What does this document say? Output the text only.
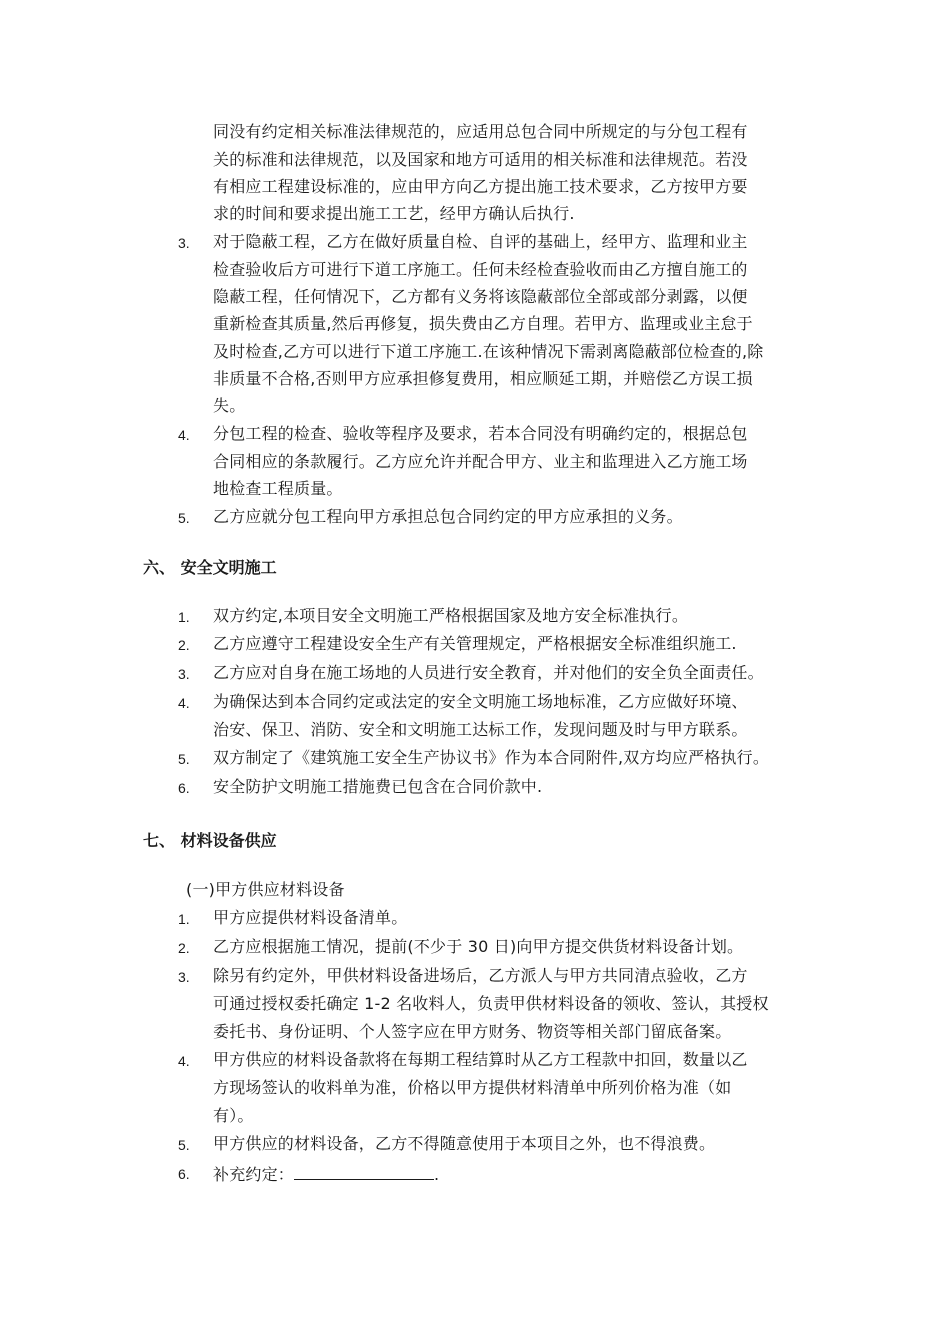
同没有约定相关标准法律规范的，应适用总包合同中所规定的与分包工程有
关的标准和法律规范，以及国家和地方可适用的相关标准和法律规范。若没
有相应工程建设标准的，应由甲方向乙方提出施工技术要求，乙方按甲方要
求的时间和要求提出施工工艺，经甲方确认后执行.
3.	对于隐蔽工程，乙方在做好质量自检、自评的基础上，经甲方、监理和业主
检查验收后方可进行下道工序施工。任何未经检查验收而由乙方擅自施工的
隐蔽工程，任何情况下，乙方都有义务将该隐蔽部位全部或部分剥露，以便
重新检查其质量,然后再修复，损失费由乙方自理。若甲方、监理或业主怠于
及时检查,乙方可以进行下道工序施工.在该种情况下需剥离隐蔽部位检查的,除
非质量不合格,否则甲方应承担修复费用，相应顺延工期，并赔偿乙方误工损
失。
4.	分包工程的检查、验收等程序及要求，若本合同没有明确约定的，根据总包
合同相应的条款履行。乙方应允许并配合甲方、业主和监理进入乙方施工场
地检查工程质量。
5.	乙方应就分包工程向甲方承担总包合同约定的甲方应承担的义务。
六、 安全文明施工
1.	双方约定,本项目安全文明施工严格根据国家及地方安全标准执行。
2.	乙方应遵守工程建设安全生产有关管理规定，严格根据安全标准组织施工.
3.	乙方应对自身在施工场地的人员进行安全教育，并对他们的安全负全面责任。
4.	为确保达到本合同约定或法定的安全文明施工场地标准，乙方应做好环境、
治安、保卫、消防、安全和文明施工达标工作，发现问题及时与甲方联系。
5.	双方制定了《建筑施工安全生产协议书》作为本合同附件,双方均应严格执行。
6.	安全防护文明施工措施费已包含在合同价款中.
七、 材料设备供应
(一)甲方供应材料设备
1.	甲方应提供材料设备清单。
2.	乙方应根据施工情况，提前(不少于 30 日)向甲方提交供货材料设备计划。
3.	除另有约定外，甲供材料设备进场后，乙方派人与甲方共同清点验收，乙方
可通过授权委托确定 1-2 名收料人，负责甲供材料设备的领收、签认，其授权
委托书、身份证明、个人签字应在甲方财务、物资等相关部门留底备案。
4.	甲方供应的材料设备款将在每期工程结算时从乙方工程款中扣回，数量以乙
方现场签认的收料单为准，价格以甲方提供材料清单中所列价格为准（如
有）。
5.	甲方供应的材料设备，乙方不得随意使用于本项目之外，也不得浪费。
6.	补充约定：	.
